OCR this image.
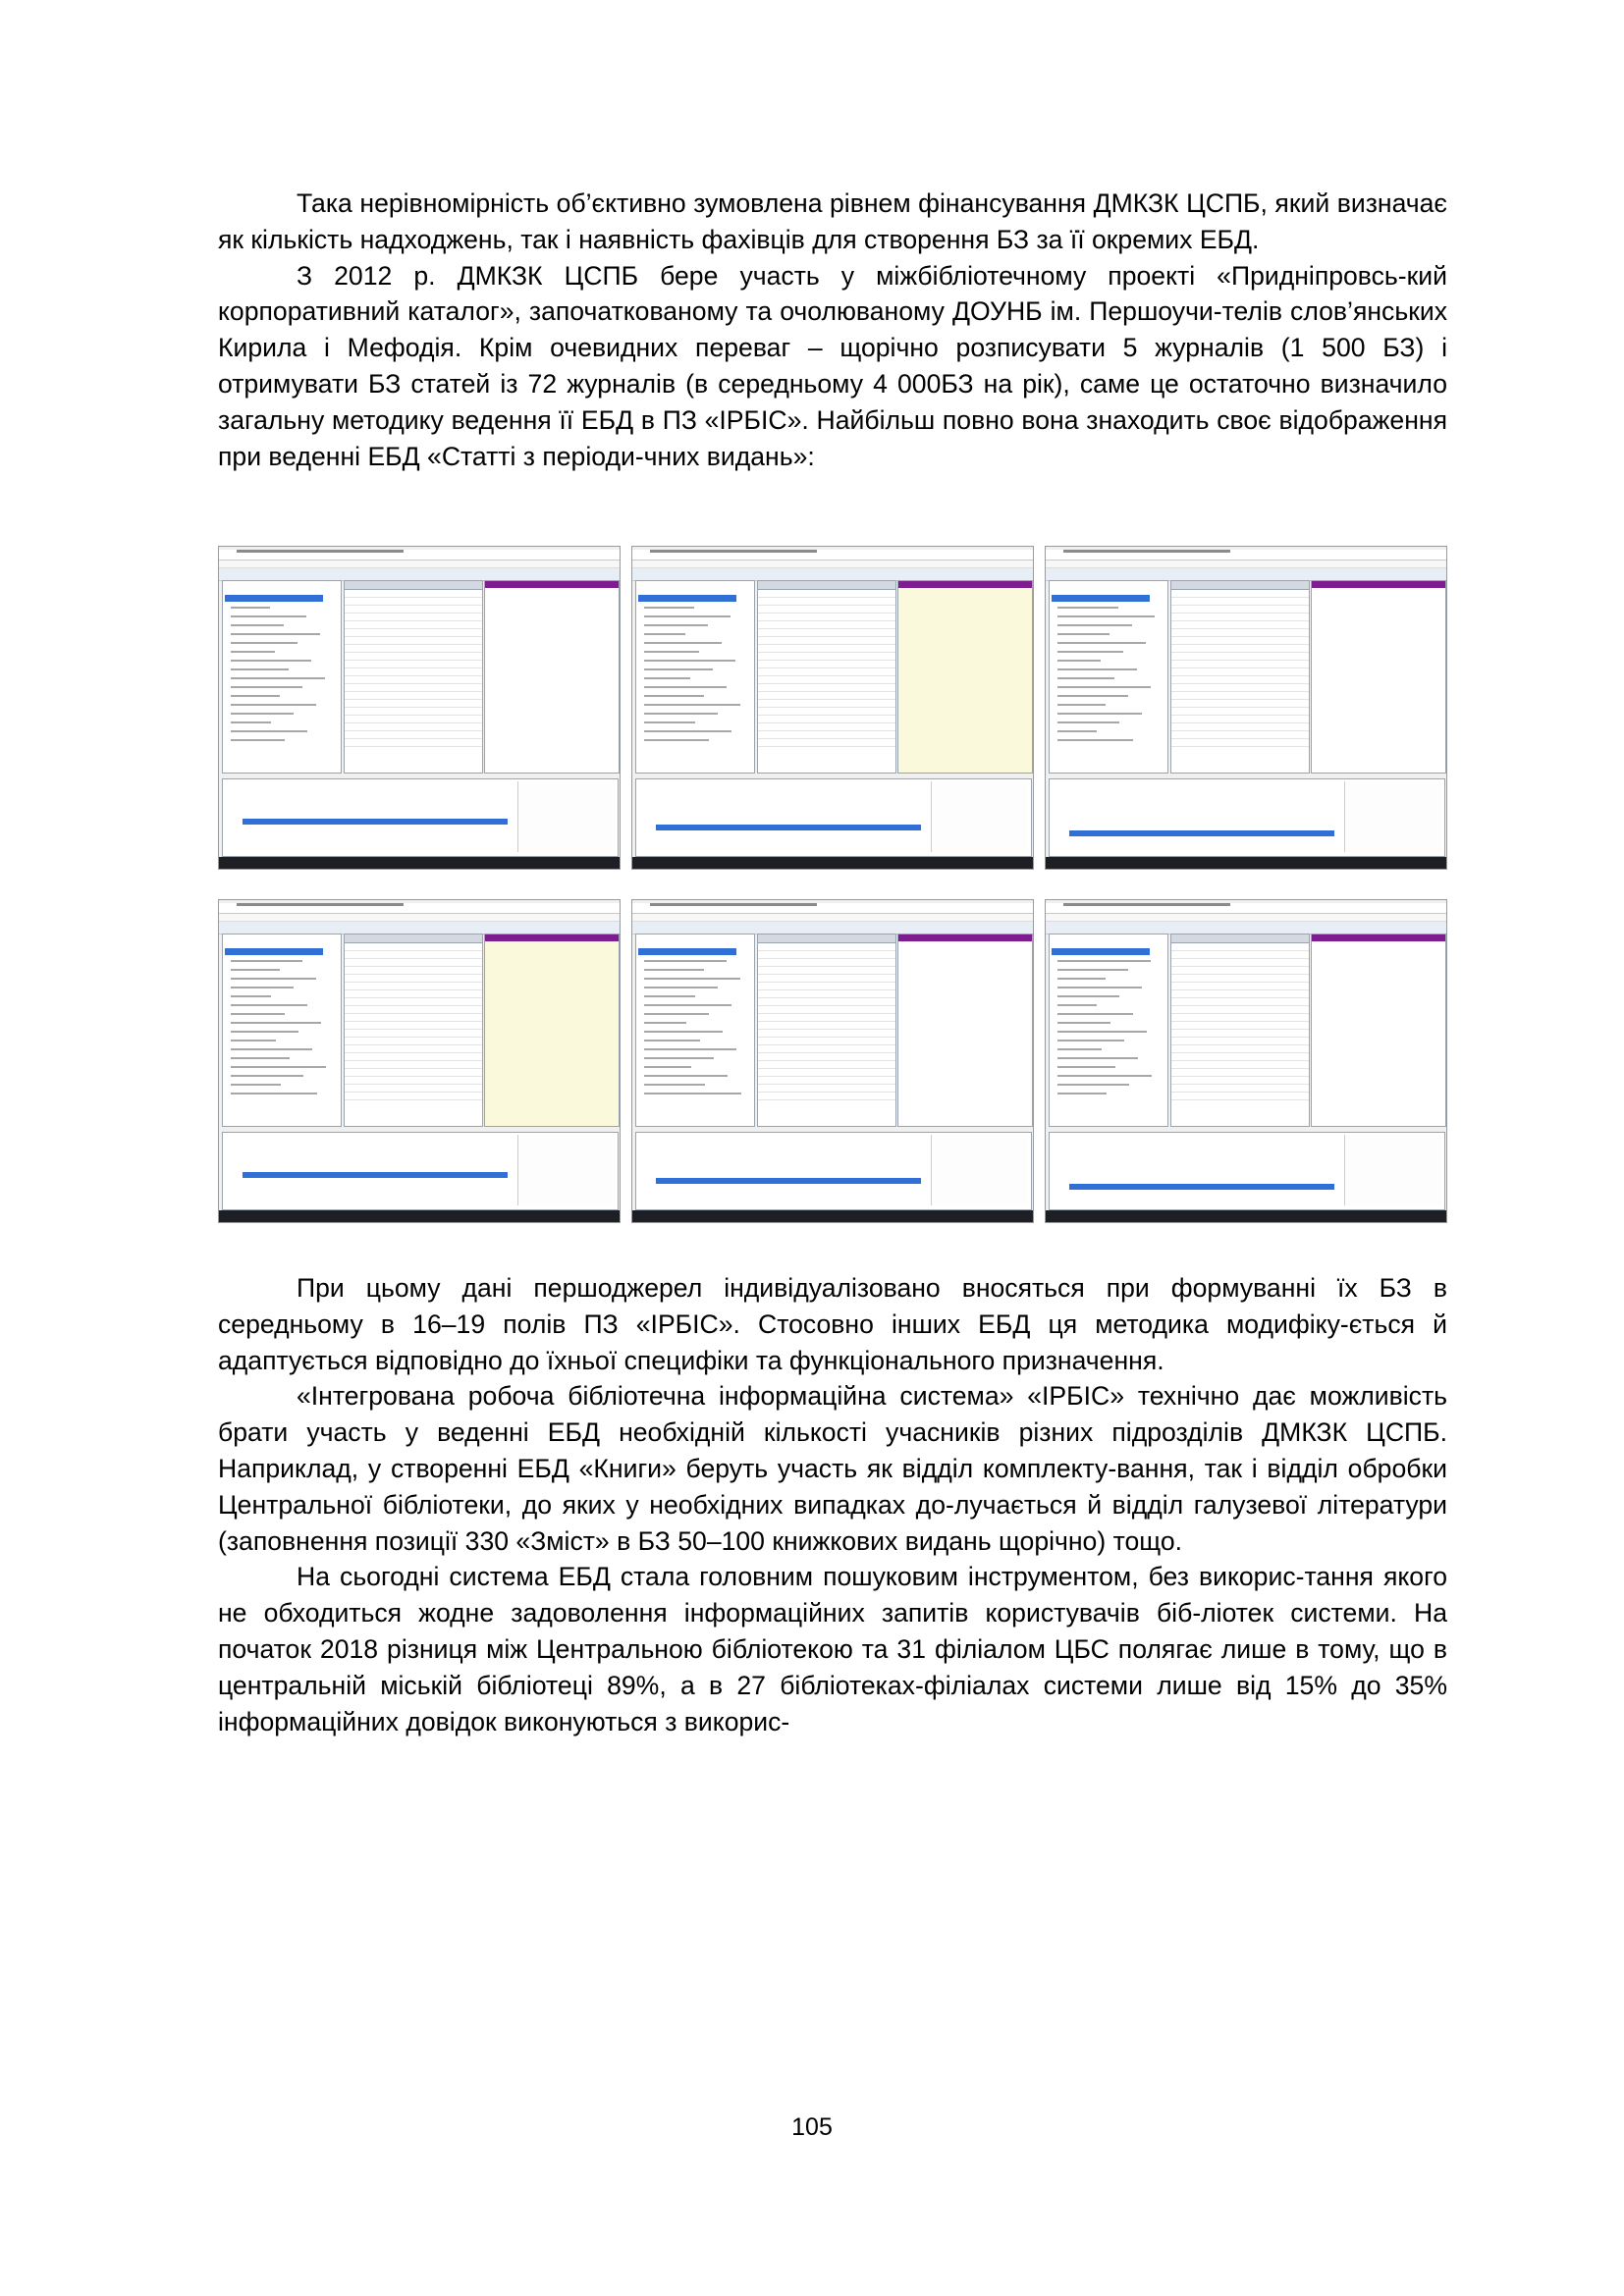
Така нерівномірність об’єктивно зумовлена рівнем фінансування ДМКЗК ЦСПБ, який визначає як кількість надходжень, так і наявність фахівців для створення БЗ за її окремих ЕБД.

З 2012 р. ДМКЗК ЦСПБ бере участь у міжбібліотечному проекті «Придніпровсь-кий корпоративний каталог», започаткованому та очолюваному ДОУНБ ім. Першоучи-телів слов’янських Кирила і Мефодія. Крім очевидних переваг – щорічно розписувати 5 журналів (1 500 БЗ) і отримувати БЗ статей із 72 журналів (в середньому 4 000БЗ на рік), саме це остаточно визначило загальну методику ведення її ЕБД в ПЗ «ІРБІС». Найбільш повно вона знаходить своє відображення при веденні ЕБД «Статті з періоди-чних видань»:

При цьому дані першоджерел індивідуалізовано вносяться при формуванні їх БЗ в середньому в 16–19 полів ПЗ «ІРБІС». Стосовно інших ЕБД ця методика модифіку-ється й адаптується відповідно до їхньої специфіки та функціонального призначення.

«Інтегрована робоча бібліотечна інформаційна система» «ІРБІС» технічно дає можливість брати участь у веденні ЕБД необхідній кількості учасників різних підрозділів ДМКЗК ЦСПБ. Наприклад, у створенні ЕБД «Книги» беруть участь як відділ комплекту-вання, так і відділ обробки Центральної бібліотеки, до яких у необхідних випадках до-лучається й відділ галузевої літератури (заповнення позиції 330 «Зміст» в БЗ 50–100 книжкових видань щорічно) тощо.

На сьогодні система ЕБД стала головним пошуковим інструментом, без викорис-тання якого не обходиться жодне задоволення інформаційних запитів користувачів біб-ліотек системи. На початок 2018 різниця між Центральною бібліотекою та 31 філіалом ЦБС полягає лише в тому, що в центральній міській бібліотеці 89%, а в 27 бібліотеках-філіалах системи лише від 15% до 35% інформаційних довідок виконуються з викорис-

105
